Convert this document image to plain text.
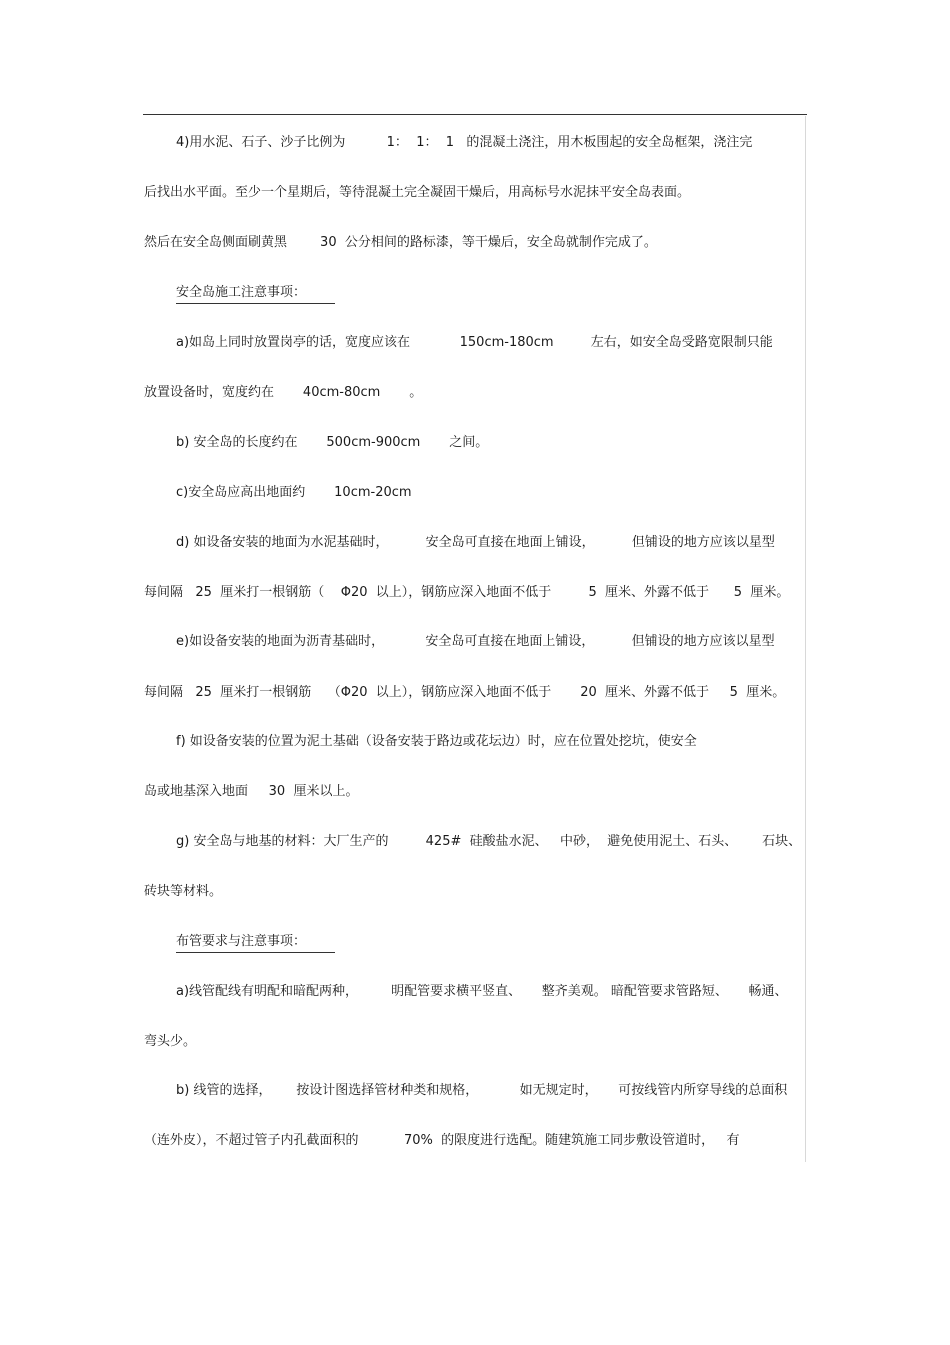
4)用水泥、石子、沙子比例为          1：  1：  1   的混凝土浇注，用木板围起的安全岛框架，浇注完
后找出水平面。至少一个星期后，等待混凝土完全凝固干燥后，用高标号水泥抹平安全岛表面。
然后在安全岛侧面刷黄黑        30  公分相间的路标漆，等干燥后，安全岛就制作完成了。
安全岛施工注意事项：
a)如岛上同时放置岗亭的话，宽度应该在            150cm-180cm         左右，如安全岛受路宽限制只能
放置设备时，宽度约在       40cm-80cm       。
b) 安全岛的长度约在       500cm-900cm       之间。
c)安全岛应高出地面约       10cm-20cm
d) 如设备安装的地面为水泥基础时，         安全岛可直接在地面上铺设，         但铺设的地方应该以星型
每间隔   25  厘米打一根钢筋（    Φ20  以上），钢筋应深入地面不低于         5  厘米、外露不低于      5  厘米。
e)如设备安装的地面为沥青基础时，          安全岛可直接在地面上铺设，         但铺设的地方应该以星型
每间隔   25  厘米打一根钢筋    （Φ20  以上），钢筋应深入地面不低于       20  厘米、外露不低于     5  厘米。
f) 如设备安装的位置为泥土基础（设备安装于路边或花坛边）时，应在位置处挖坑，使安全
岛或地基深入地面     30  厘米以上。
g) 安全岛与地基的材料：大厂生产的         425#  硅酸盐水泥、   中砂，  避免使用泥土、石头、      石块、
砖块等材料。
布管要求与注意事项：
a)线管配线有明配和暗配两种，        明配管要求横平竖直、     整齐美观。 暗配管要求管路短、     畅通、
弯头少。
b) 线管的选择，      按设计图选择管材种类和规格，          如无规定时，     可按线管内所穿导线的总面积
（连外皮），不超过管子内孔截面积的           70%  的限度进行选配。随建筑施工同步敷设管道时，   有
